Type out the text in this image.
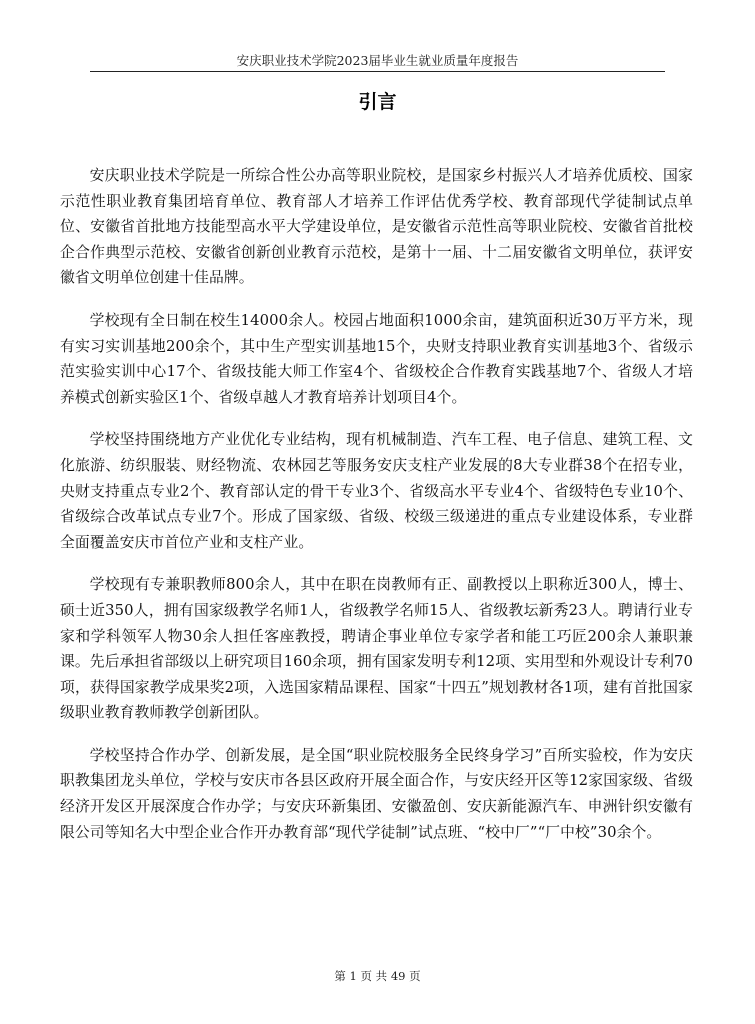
安庆职业技术学院2023届毕业生就业质量年度报告
引言

安庆职业技术学院是一所综合性公办高等职业院校，是国家乡村振兴人才培养优质校、国家示范性职业教育集团培育单位、教育部人才培养工作评估优秀学校、教育部现代学徒制试点单位、安徽省首批地方技能型高水平大学建设单位，是安徽省示范性高等职业院校、安徽省首批校企合作典型示范校、安徽省创新创业教育示范校，是第十一届、十二届安徽省文明单位，获评安徽省文明单位创建十佳品牌。

学校现有全日制在校生14000余人。校园占地面积1000余亩，建筑面积近30万平方米，现有实习实训基地200余个，其中生产型实训基地15个，央财支持职业教育实训基地3个、省级示范实验实训中心17个、省级技能大师工作室4个、省级校企合作教育实践基地7个、省级人才培养模式创新实验区1个、省级卓越人才教育培养计划项目4个。

学校坚持围绕地方产业优化专业结构，现有机械制造、汽车工程、电子信息、建筑工程、文化旅游、纺织服装、财经物流、农林园艺等服务安庆支柱产业发展的8大专业群38个在招专业，央财支持重点专业2个、教育部认定的骨干专业3个、省级高水平专业4个、省级特色专业10个、省级综合改革试点专业7个。形成了国家级、省级、校级三级递进的重点专业建设体系，专业群全面覆盖安庆市首位产业和支柱产业。

学校现有专兼职教师800余人，其中在职在岗教师有正、副教授以上职称近300人，博士、硕士近350人，拥有国家级教学名师1人，省级教学名师15人、省级教坛新秀23人。聘请行业专家和学科领军人物30余人担任客座教授，聘请企事业单位专家学者和能工巧匠200余人兼职兼课。先后承担省部级以上研究项目160余项，拥有国家发明专利12项、实用型和外观设计专利70项，获得国家教学成果奖2项，入选国家精品课程、国家“十四五”规划教材各1项，建有首批国家级职业教育教师教学创新团队。

学校坚持合作办学、创新发展，是全国“职业院校服务全民终身学习”百所实验校，作为安庆职教集团龙头单位，学校与安庆市各县区政府开展全面合作，与安庆经开区等12家国家级、省级经济开发区开展深度合作办学；与安庆环新集团、安徽盈创、安庆新能源汽车、申洲针织安徽有限公司等知名大中型企业合作开办教育部“现代学徒制”试点班、“校中厂”“厂中校”30余个。

第 1 页 共 49 页
